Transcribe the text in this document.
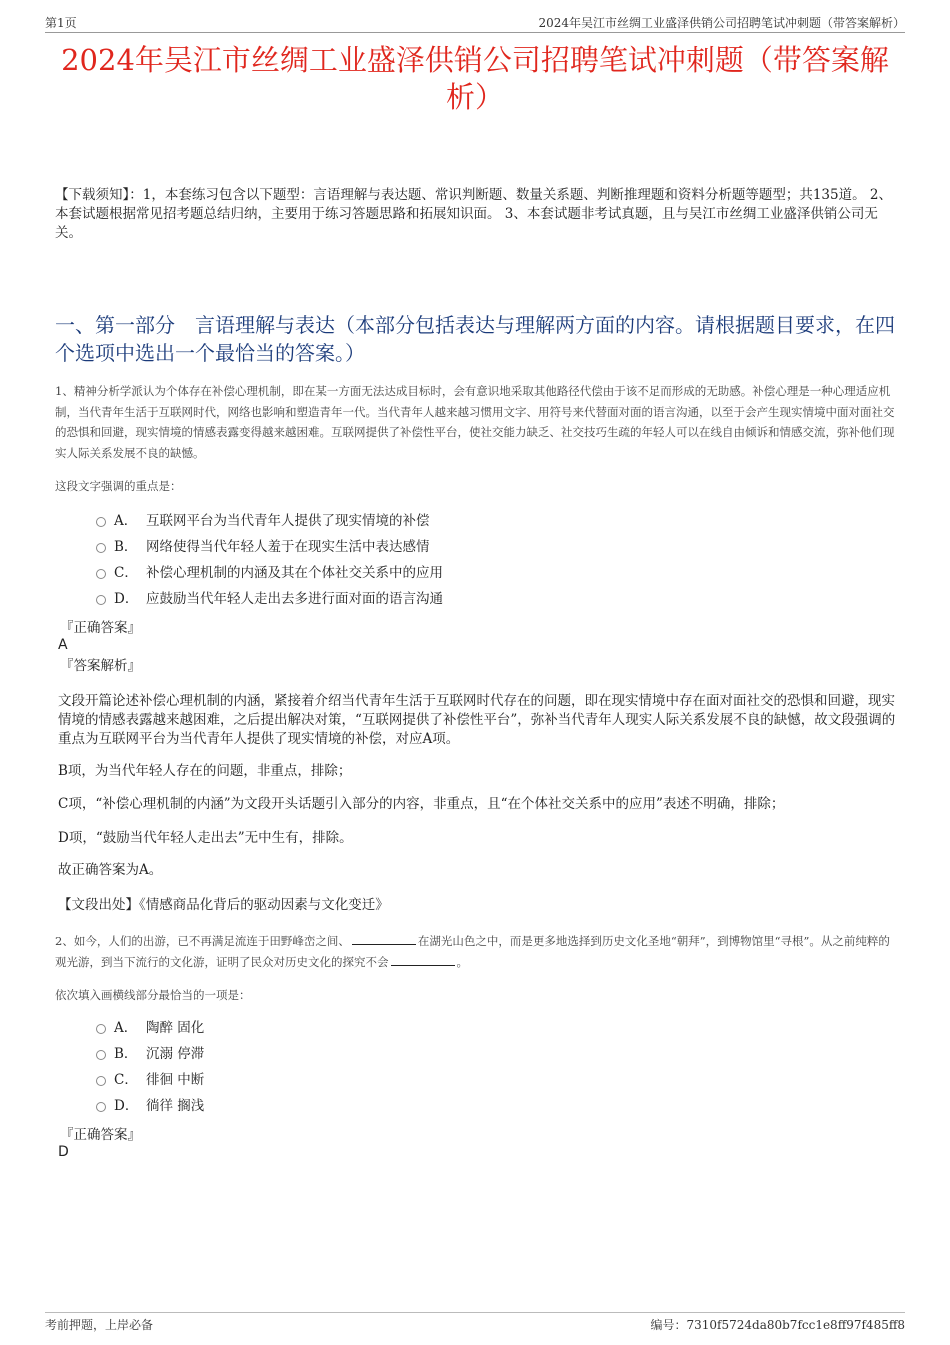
第1页	2024年吴江市丝绸工业盛泽供销公司招聘笔试冲刺题（带答案解析）
2024年吴江市丝绸工业盛泽供销公司招聘笔试冲刺题（带答案解析）
【下载须知】：1，本套练习包含以下题型：言语理解与表达题、常识判断题、数量关系题、判断推理题和资料分析题等题型；共135道。 2、本套试题根据常见招考题总结归纳，主要用于练习答题思路和拓展知识面。 3、本套试题非考试真题，且与吴江市丝绸工业盛泽供销公司无关。
一、第一部分　言语理解与表达（本部分包括表达与理解两方面的内容。请根据题目要求，在四个选项中选出一个最恰当的答案。）
1、精神分析学派认为个体存在补偿心理机制，即在某一方面无法达成目标时，会有意识地采取其他路径代偿由于该不足而形成的无助感。补偿心理是一种心理适应机制，当代青年生活于互联网时代，网络也影响和塑造青年一代。当代青年人越来越习惯用文字、用符号来代替面对面的语言沟通，以至于会产生现实情境中面对面社交的恐惧和回避，现实情境的情感表露变得越来越困难。互联网提供了补偿性平台，使社交能力缺乏、社交技巧生疏的年轻人可以在线自由倾诉和情感交流，弥补他们现实人际关系发展不良的缺憾。
这段文字强调的重点是：
A． 互联网平台为当代青年人提供了现实情境的补偿
B． 网络使得当代年轻人羞于在现实生活中表达感情
C． 补偿心理机制的内涵及其在个体社交关系中的应用
D． 应鼓励当代年轻人走出去多进行面对面的语言沟通
『正确答案』
A
『答案解析』
文段开篇论述补偿心理机制的内涵，紧接着介绍当代青年生活于互联网时代存在的问题，即在现实情境中存在面对面社交的恐惧和回避，现实情境的情感表露越来越困难，之后提出解决对策，“互联网提供了补偿性平台”，弥补当代青年人现实人际关系发展不良的缺憾，故文段强调的重点为互联网平台为当代青年人提供了现实情境的补偿，对应A项。
B项，为当代年轻人存在的问题，非重点，排除；
C项，“补偿心理机制的内涵”为文段开头话题引入部分的内容，非重点，且“在个体社交关系中的应用”表述不明确，排除；
D项，“鼓励当代年轻人走出去”无中生有，排除。
故正确答案为A。
【文段出处】《情感商品化背后的驱动因素与文化变迁》
2、如今，人们的出游，已不再满足流连于田野峰峦之间、	在湖光山色之中，而是更多地选择到历史文化圣地“朝拜”，到博物馆里“寻根”。从之前纯粹的观光游，到当下流行的文化游，证明了民众对历史文化的探究不会	。
依次填入画横线部分最恰当的一项是：
A． 陶醉 固化
B． 沉溺 停滞
C． 徘徊 中断
D． 徜徉 搁浅
『正确答案』
D
考前押题，上岸必备	编号：7310f5724da80b7fcc1e8ff97f485ff8
